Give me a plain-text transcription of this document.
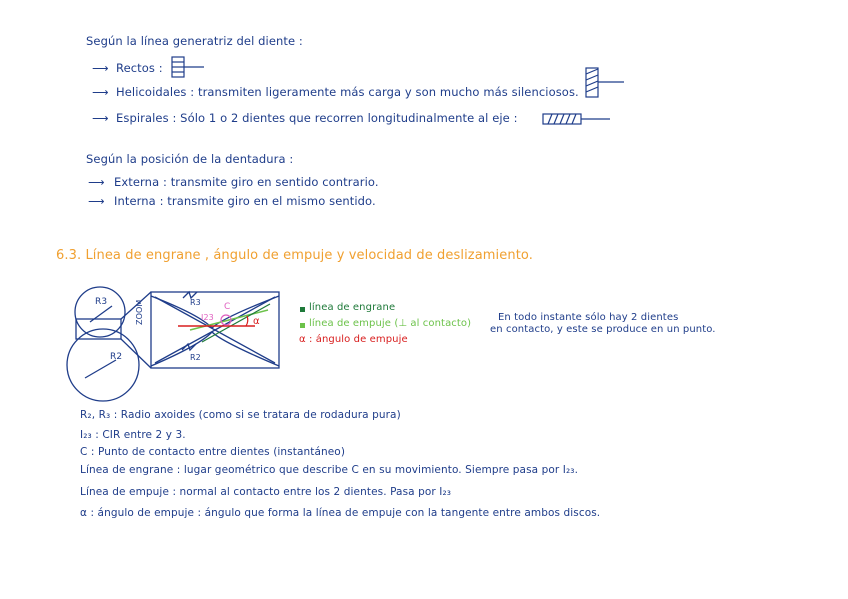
Según la línea generatriz del diente :
⟶ Rectos :
⟶ Helicoidales : transmiten ligeramente más carga y son mucho más silenciosos.
⟶ Espirales : Sólo 1 o 2 dientes que recorren longitudinalmente al eje :
Según la posición de la dentadura :
⟶ Externa : transmite giro en sentido contrario.
⟶ Interna : transmite giro en el mismo sentido.
6.3. Línea de engrane , ángulo de empuje y velocidad de deslizamiento.
R3
R2
ZOOM	R3
R2
I23
C
α
línea de engrane
línea de empuje (⊥ al contacto)
α : ángulo de empuje
En todo instante sólo hay 2 dientes
en contacto, y este se produce en un punto.
R₂, R₃ : Radio axoides (como si se tratara de rodadura pura)
I₂₃ : CIR entre 2 y 3.
C : Punto de contacto entre dientes (instantáneo)
Línea de engrane : lugar geométrico que describe C en su movimiento. Siempre pasa por I₂₃.
Línea de empuje : normal al contacto entre los 2 dientes. Pasa por I₂₃
α : ángulo de empuje : ángulo que forma la línea de empuje con la tangente entre ambos discos.
